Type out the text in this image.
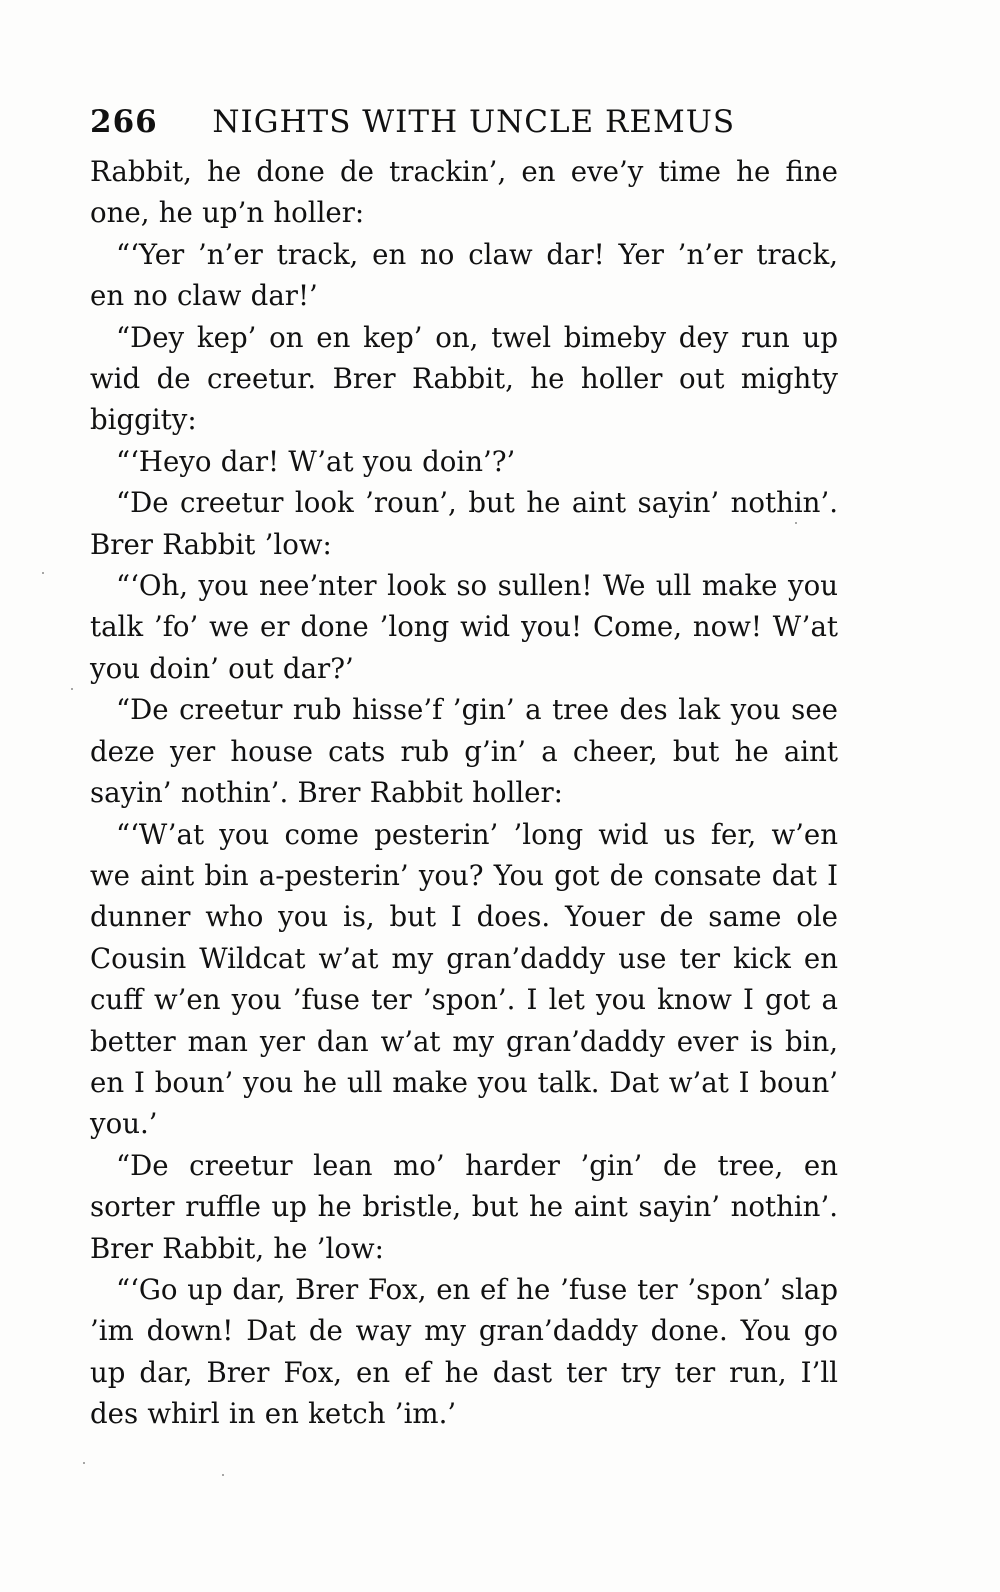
266 NIGHTS WITH UNCLE REMUS

Rabbit, he done de trackin’, en eve’y time he fine one, he up’n holler:

“‘Yer ’n’er track, en no claw dar! Yer ’n’er track, en no claw dar!’

“Dey kep’ on en kep’ on, twel bimeby dey run up wid de creetur. Brer Rabbit, he holler out mighty biggity:

“‘Heyo dar! W’at you doin’?’

“De creetur look ’roun’, but he aint sayin’ nothin’. Brer Rabbit ’low:

“‘Oh, you nee’nter look so sullen! We ull make you talk ’fo’ we er done ’long wid you! Come, now! W’at you doin’ out dar?’

“De creetur rub hisse’f ’gin’ a tree des lak you see deze yer house cats rub g’in’ a cheer, but he aint sayin’ nothin’. Brer Rabbit holler:

“‘W’at you come pesterin’ ’long wid us fer, w’en we aint bin a-pesterin’ you? You got de consate dat I dunner who you is, but I does. Youer de same ole Cousin Wildcat w’at my gran’daddy use ter kick en cuff w’en you ’fuse ter ’spon’. I let you know I got a better man yer dan w’at my gran’daddy ever is bin, en I boun’ you he ull make you talk. Dat w’at I boun’ you.’

“De creetur lean mo’ harder ’gin’ de tree, en sorter ruffle up he bristle, but he aint sayin’ nothin’. Brer Rabbit, he ’low:

“‘Go up dar, Brer Fox, en ef he ’fuse ter ’spon’ slap ’im down! Dat de way my gran’daddy done. You go up dar, Brer Fox, en ef he dast ter try ter run, I’ll des whirl in en ketch ’im.’
